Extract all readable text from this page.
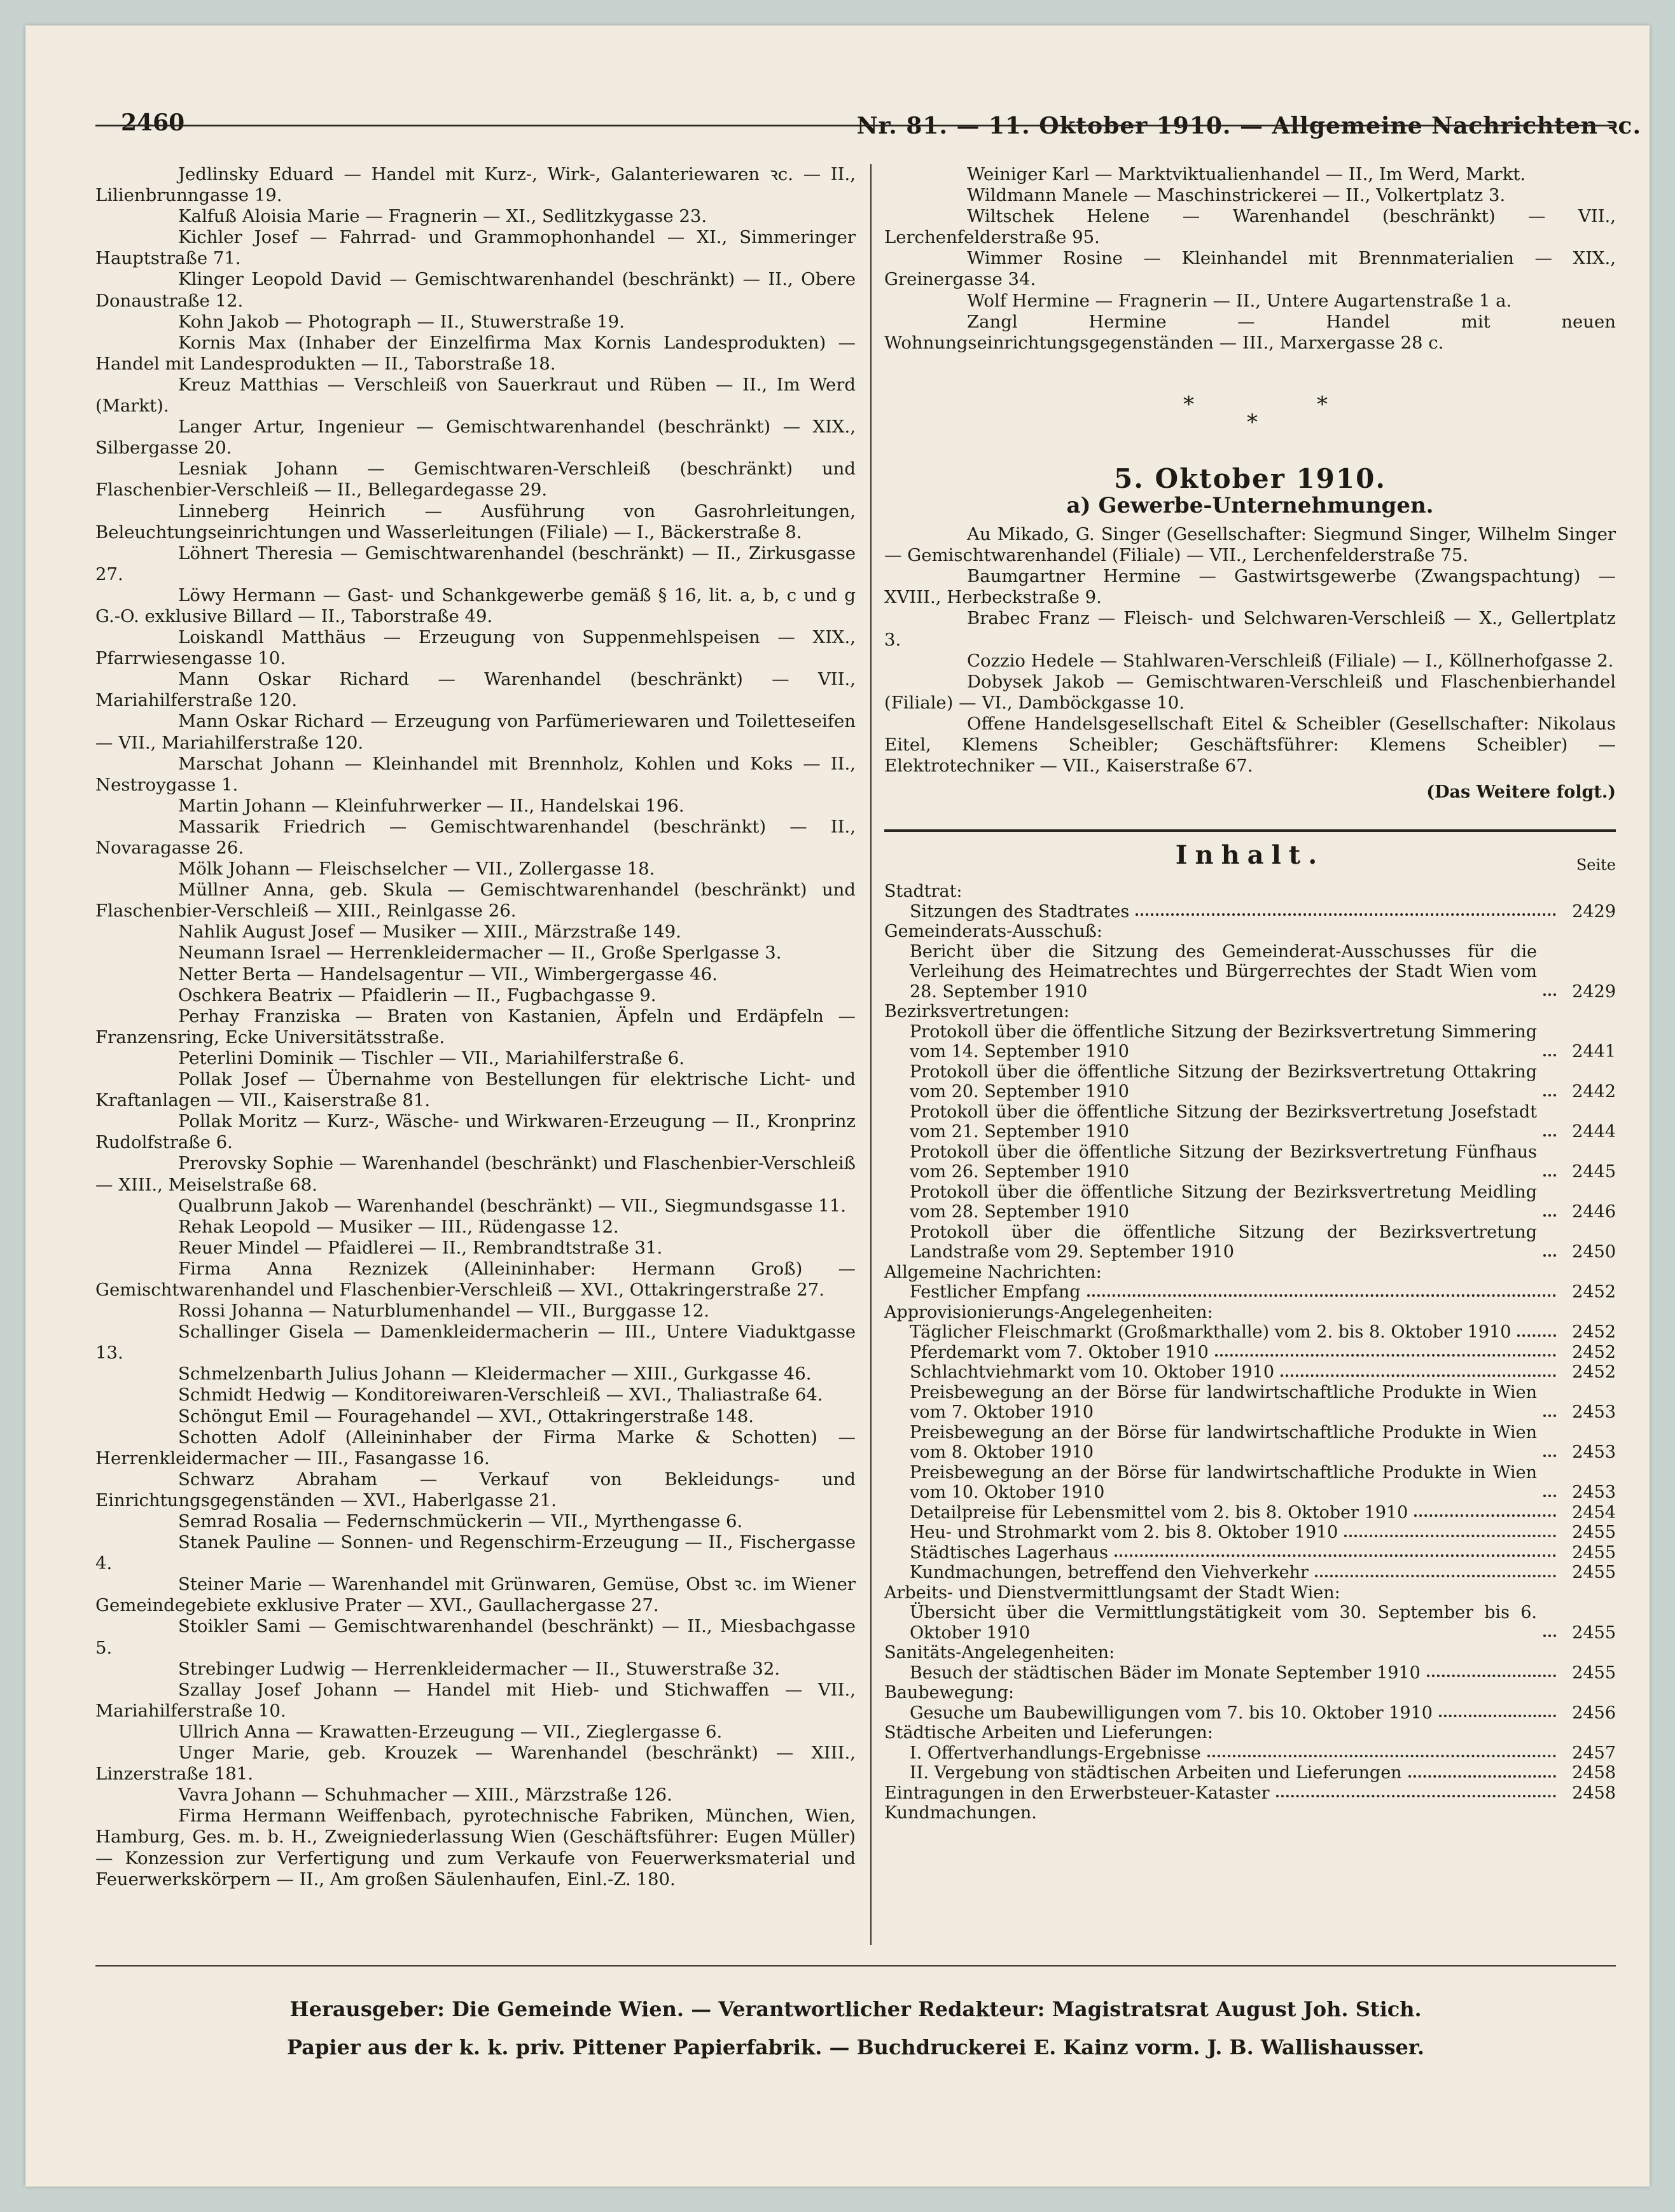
2460	Nr. 81. — 11. Oktober 1910. — Allgemeine Nachrichten ꝛc.

Jedlinsky Eduard — Handel mit Kurz-, Wirk-, Galanteriewaren ꝛc. — II., Lilienbrunngasse 19.

Kalfuß Aloisia Marie — Fragnerin — XI., Sedlitzkygasse 23.

Kichler Josef — Fahrrad- und Grammophonhandel — XI., Simmeringer Hauptstraße 71.

Klinger Leopold David — Gemischtwarenhandel (beschränkt) — II., Obere Donaustraße 12.

Kohn Jakob — Photograph — II., Stuwerstraße 19.

Kornis Max (Inhaber der Einzelfirma Max Kornis Landesprodukten) — Handel mit Landesprodukten — II., Taborstraße 18.

Kreuz Matthias — Verschleiß von Sauerkraut und Rüben — II., Im Werd (Markt).

Langer Artur, Ingenieur — Gemischtwarenhandel (beschränkt) — XIX., Silbergasse 20.

Lesniak Johann — Gemischtwaren-Verschleiß (beschränkt) und Flaschenbier-Verschleiß — II., Bellegardegasse 29.

Linneberg Heinrich — Ausführung von Gasrohrleitungen, Beleuchtungseinrichtungen und Wasserleitungen (Filiale) — I., Bäckerstraße 8.

Löhnert Theresia — Gemischtwarenhandel (beschränkt) — II., Zirkusgasse 27.

Löwy Hermann — Gast- und Schankgewerbe gemäß § 16, lit. a, b, c und g G.-O. exklusive Billard — II., Taborstraße 49.

Loiskandl Matthäus — Erzeugung von Suppenmehlspeisen — XIX., Pfarrwiesengasse 10.

Mann Oskar Richard — Warenhandel (beschränkt) — VII., Mariahilferstraße 120.

Mann Oskar Richard — Erzeugung von Parfümeriewaren und Toiletteseifen — VII., Mariahilferstraße 120.

Marschat Johann — Kleinhandel mit Brennholz, Kohlen und Koks — II., Nestroygasse 1.

Martin Johann — Kleinfuhrwerker — II., Handelskai 196.

Massarik Friedrich — Gemischtwarenhandel (beschränkt) — II., Novaragasse 26.

Mölk Johann — Fleischselcher — VII., Zollergasse 18.

Müllner Anna, geb. Skula — Gemischtwarenhandel (beschränkt) und Flaschenbier-Verschleiß — XIII., Reinlgasse 26.

Nahlik August Josef — Musiker — XIII., Märzstraße 149.

Neumann Israel — Herrenkleidermacher — II., Große Sperlgasse 3.

Netter Berta — Handelsagentur — VII., Wimbergergasse 46.

Oschkera Beatrix — Pfaidlerin — II., Fugbachgasse 9.

Perhay Franziska — Braten von Kastanien, Äpfeln und Erdäpfeln — Franzensring, Ecke Universitätsstraße.

Peterlini Dominik — Tischler — VII., Mariahilferstraße 6.

Pollak Josef — Übernahme von Bestellungen für elektrische Licht- und Kraftanlagen — VII., Kaiserstraße 81.

Pollak Moritz — Kurz-, Wäsche- und Wirkwaren-Erzeugung — II., Kronprinz Rudolfstraße 6.

Prerovsky Sophie — Warenhandel (beschränkt) und Flaschenbier-Verschleiß — XIII., Meiselstraße 68.

Qualbrunn Jakob — Warenhandel (beschränkt) — VII., Siegmundsgasse 11.

Rehak Leopold — Musiker — III., Rüdengasse 12.

Reuer Mindel — Pfaidlerei — II., Rembrandtstraße 31.

Firma Anna Reznizek (Alleininhaber: Hermann Groß) — Gemischtwarenhandel und Flaschenbier-Verschleiß — XVI., Ottakringerstraße 27.

Rossi Johanna — Naturblumenhandel — VII., Burggasse 12.

Schallinger Gisela — Damenkleidermacherin — III., Untere Viaduktgasse 13.

Schmelzenbarth Julius Johann — Kleidermacher — XIII., Gurkgasse 46.

Schmidt Hedwig — Konditoreiwaren-Verschleiß — XVI., Thaliastraße 64.

Schöngut Emil — Fouragehandel — XVI., Ottakringerstraße 148.

Schotten Adolf (Alleininhaber der Firma Marke & Schotten) — Herrenkleidermacher — III., Fasangasse 16.

Schwarz Abraham — Verkauf von Bekleidungs- und Einrichtungsgegenständen — XVI., Haberlgasse 21.

Semrad Rosalia — Federnschmückerin — VII., Myrthengasse 6.

Stanek Pauline — Sonnen- und Regenschirm-Erzeugung — II., Fischergasse 4.

Steiner Marie — Warenhandel mit Grünwaren, Gemüse, Obst ꝛc. im Wiener Gemeindegebiete exklusive Prater — XVI., Gaullachergasse 27.

Stoikler Sami — Gemischtwarenhandel (beschränkt) — II., Miesbachgasse 5.

Strebinger Ludwig — Herrenkleidermacher — II., Stuwerstraße 32.

Szallay Josef Johann — Handel mit Hieb- und Stichwaffen — VII., Mariahilferstraße 10.

Ullrich Anna — Krawatten-Erzeugung — VII., Zieglergasse 6.

Unger Marie, geb. Krouzek — Warenhandel (beschränkt) — XIII., Linzerstraße 181.

Vavra Johann — Schuhmacher — XIII., Märzstraße 126.

Firma Hermann Weiffenbach, pyrotechnische Fabriken, München, Wien, Hamburg, Ges. m. b. H., Zweigniederlassung Wien (Geschäftsführer: Eugen Müller) — Konzession zur Verfertigung und zum Verkaufe von Feuerwerksmaterial und Feuerwerkskörpern — II., Am großen Säulenhaufen, Einl.-Z. 180.

Weiniger Karl — Marktviktualienhandel — II., Im Werd, Markt.

Wildmann Manele — Maschinstrickerei — II., Volkertplatz 3.

Wiltschek Helene — Warenhandel (beschränkt) — VII., Lerchenfelderstraße 95.

Wimmer Rosine — Kleinhandel mit Brennmaterialien — XIX., Greinergasse 34.

Wolf Hermine — Fragnerin — II., Untere Augartenstraße 1 a.

Zangl Hermine — Handel mit neuen Wohnungseinrichtungsgegenständen — III., Marxergasse 28 c.

*
*
*
5. Oktober 1910.
a) Gewerbe-Unternehmungen.

Au Mikado, G. Singer (Gesellschafter: Siegmund Singer, Wilhelm Singer — Gemischtwarenhandel (Filiale) — VII., Lerchenfelderstraße 75.

Baumgartner Hermine — Gastwirtsgewerbe (Zwangspachtung) — XVIII., Herbeckstraße 9.

Brabec Franz — Fleisch- und Selchwaren-Verschleiß — X., Gellertplatz 3.

Cozzio Hedele — Stahlwaren-Verschleiß (Filiale) — I., Köllnerhofgasse 2.

Dobysek Jakob — Gemischtwaren-Verschleiß und Flaschenbierhandel (Filiale) — VI., Damböckgasse 10.

Offene Handelsgesellschaft Eitel & Scheibler (Gesellschafter: Nikolaus Eitel, Klemens Scheibler; Geschäftsführer: Klemens Scheibler) — Elektrotechniker — VII., Kaiserstraße 67.

(Das Weitere folgt.)
Inhalt.	Seite
Stadtrat:
Sitzungen des Stadtrates	2429
Gemeinderats-Ausschuß:
Bericht über die Sitzung des Gemeinderat-Ausschusses für die Verleihung des Heimatrechtes und Bürgerrechtes der Stadt Wien vom 28. September 1910	2429
Bezirksvertretungen:
Protokoll über die öffentliche Sitzung der Bezirksvertretung Simmering vom 14. September 1910	2441
Protokoll über die öffentliche Sitzung der Bezirksvertretung Ottakring vom 20. September 1910	2442
Protokoll über die öffentliche Sitzung der Bezirksvertretung Josefstadt vom 21. September 1910	2444
Protokoll über die öffentliche Sitzung der Bezirksvertretung Fünfhaus vom 26. September 1910	2445
Protokoll über die öffentliche Sitzung der Bezirksvertretung Meidling vom 28. September 1910	2446
Protokoll über die öffentliche Sitzung der Bezirksvertretung Landstraße vom 29. September 1910	2450
Allgemeine Nachrichten:
Festlicher Empfang	2452
Approvisionierungs-Angelegenheiten:
Täglicher Fleischmarkt (Großmarkthalle) vom 2. bis 8. Oktober 1910	2452
Pferdemarkt vom 7. Oktober 1910	2452
Schlachtviehmarkt vom 10. Oktober 1910	2452
Preisbewegung an der Börse für landwirtschaftliche Produkte in Wien vom 7. Oktober 1910	2453
Preisbewegung an der Börse für landwirtschaftliche Produkte in Wien vom 8. Oktober 1910	2453
Preisbewegung an der Börse für landwirtschaftliche Produkte in Wien vom 10. Oktober 1910	2453
Detailpreise für Lebensmittel vom 2. bis 8. Oktober 1910	2454
Heu- und Strohmarkt vom 2. bis 8. Oktober 1910	2455
Städtisches Lagerhaus	2455
Kundmachungen, betreffend den Viehverkehr	2455
Arbeits- und Dienstvermittlungsamt der Stadt Wien:
Übersicht über die Vermittlungstätigkeit vom 30. September bis 6. Oktober 1910	2455
Sanitäts-Angelegenheiten:
Besuch der städtischen Bäder im Monate September 1910	2455
Baubewegung:
Gesuche um Baubewilligungen vom 7. bis 10. Oktober 1910	2456
Städtische Arbeiten und Lieferungen:
I. Offertverhandlungs-Ergebnisse	2457
II. Vergebung von städtischen Arbeiten und Lieferungen	2458
Eintragungen in den Erwerbsteuer-Kataster	2458
Kundmachungen.
Herausgeber: Die Gemeinde Wien. — Verantwortlicher Redakteur: Magistratsrat August Joh. Stich.
Papier aus der k. k. priv. Pittener Papierfabrik. — Buchdruckerei E. Kainz vorm. J. B. Wallishausser.
